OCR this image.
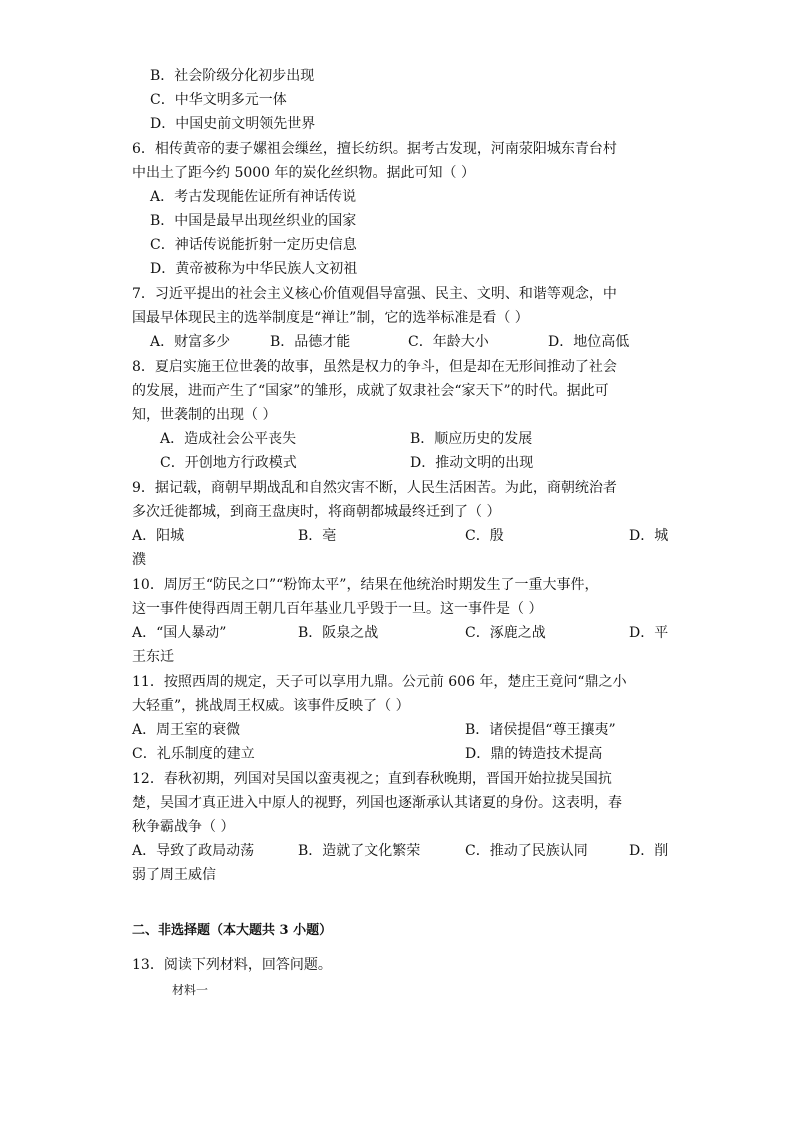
B．社会阶级分化初步出现
C．中华文明多元一体
D．中国史前文明领先世界
6．相传黄帝的妻子嫘祖会缫丝，擅长纺织。据考古发现，河南荥阳城东青台村
中出土了距今约 5000 年的炭化丝织物。据此可知（ ）
A．考古发现能佐证所有神话传说
B．中国是最早出现丝织业的国家
C．神话传说能折射一定历史信息
D．黄帝被称为中华民族人文初祖
7．习近平提出的社会主义核心价值观倡导富强、民主、文明、和谐等观念，中
国最早体现民主的选举制度是“禅让”制，它的选举标准是看（ ）
A．财富多少	B．品德才能	C．年龄大小	D．地位高低
8．夏启实施王位世袭的故事，虽然是权力的争斗，但是却在无形间推动了社会
的发展，进而产生了“国家”的雏形，成就了奴隶社会“家天下”的时代。据此可
知，世袭制的出现（ ）
A．造成社会公平丧失	B．顺应历史的发展
C．开创地方行政模式	D．推动文明的出现
9．据记载，商朝早期战乱和自然灾害不断，人民生活困苦。为此，商朝统治者
多次迁徙都城，到商王盘庚时，将商朝都城最终迁到了（ ）
A．阳城	B．亳	C．殷	D．城
濮
10．周厉王“防民之口”“粉饰太平”，结果在他统治时期发生了一重大事件，
这一事件使得西周王朝几百年基业几乎毁于一旦。这一事件是（ ）
A．“国人暴动”	B．阪泉之战	C．涿鹿之战	D．平
王东迁
11．按照西周的规定，天子可以享用九鼎。公元前 606 年，楚庄王竟问“鼎之小
大轻重”，挑战周王权威。该事件反映了（ ）
A．周王室的衰微	B．诸侯提倡“尊王攘夷”
C．礼乐制度的建立	D．鼎的铸造技术提高
12．春秋初期，列国对吴国以蛮夷视之；直到春秋晚期，晋国开始拉拢吴国抗
楚，吴国才真正进入中原人的视野，列国也逐渐承认其诸夏的身份。这表明，春
秋争霸战争（ ）
A．导致了政局动荡	B．造就了文化繁荣	C．推动了民族认同	D．削
弱了周王威信
二、非选择题（本大题共 3 小题）
13．阅读下列材料，回答问题。
材料一
